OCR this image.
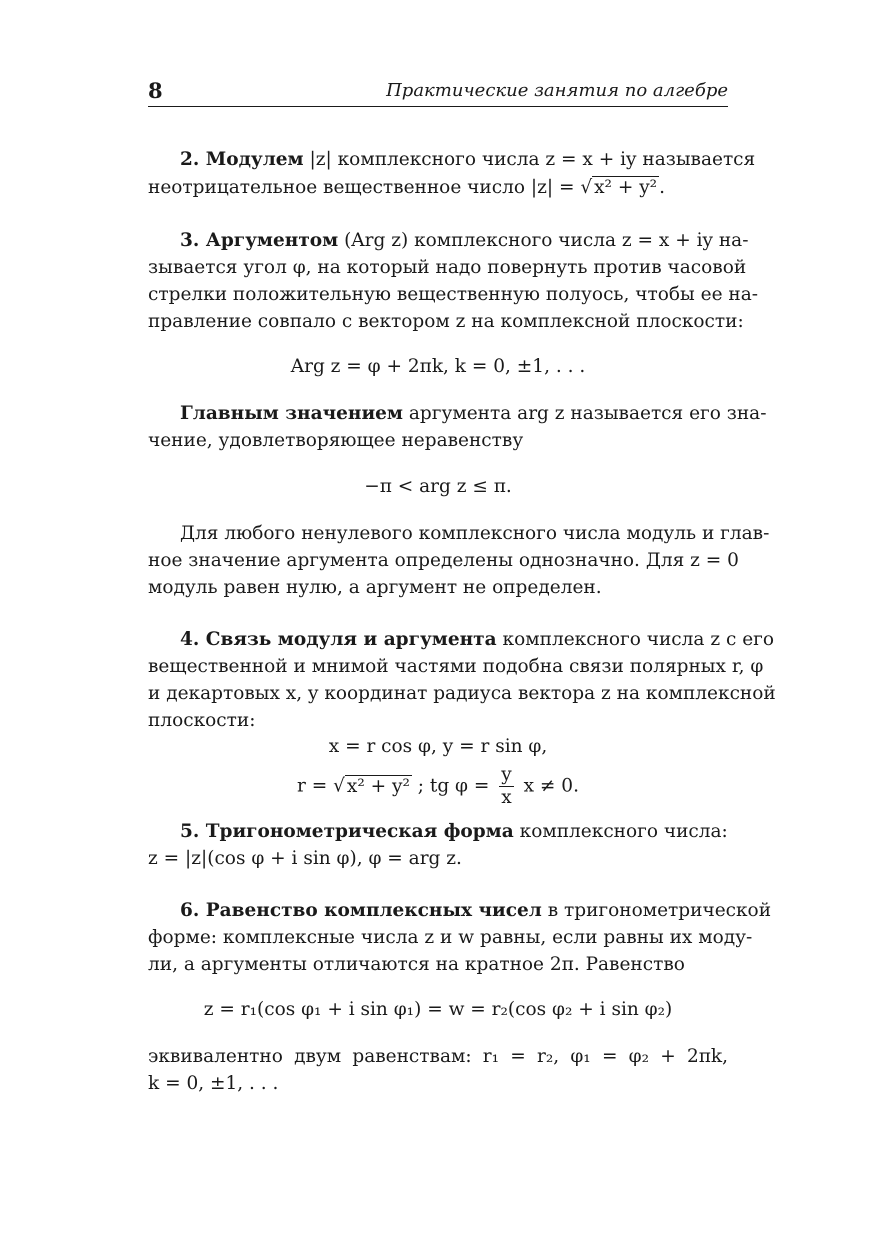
8	Практические занятия по алгебре
2. Модулем |z| комплексного числа z = x + iy называется
неотрицательное вещественное число |z| = √ x² + y² .
3. Аргументом (Arg z) комплексного числа z = x + iy на-
зывается угол φ, на который надо повернуть против часовой
стрелки положительную вещественную полуось, чтобы ее на-
правление совпало с вектором z на комплексной плоскости:
Arg z = φ + 2πk, k = 0, ±1, . . .
Главным значением аргумента arg z называется его зна-
чение, удовлетворяющее неравенству
−π < arg z ≤ π.
Для любого ненулевого комплексного числа модуль и глав-
ное значение аргумента определены однозначно. Для z = 0
модуль равен нулю, а аргумент не определен.
4. Связь модуля и аргумента комплексного числа z с его
вещественной и мнимой частями подобна связи полярных r, φ
и декартовых x, y координат радиуса вектора z на комплексной
плоскости:
x = r cos φ, y = r sin φ,
r = √ x² + y² ; tg $\varphi = \frac{y}{x}$ x ≠ 0.
5. Тригонометрическая форма комплексного числа:
z = |z|(cos φ + i sin φ), φ = arg z.
6. Равенство комплексных чисел в тригонометрической
форме: комплексные числа z и w равны, если равны их моду-
ли, а аргументы отличаются на кратное 2π. Равенство
z = r₁(cos φ₁ + i sin φ₁) = w = r₂(cos φ₂ + i sin φ₂)
эквивалентно двум равенствам: r₁ = r₂, φ₁ = φ₂ + 2πk,
k = 0, ±1, . . .
